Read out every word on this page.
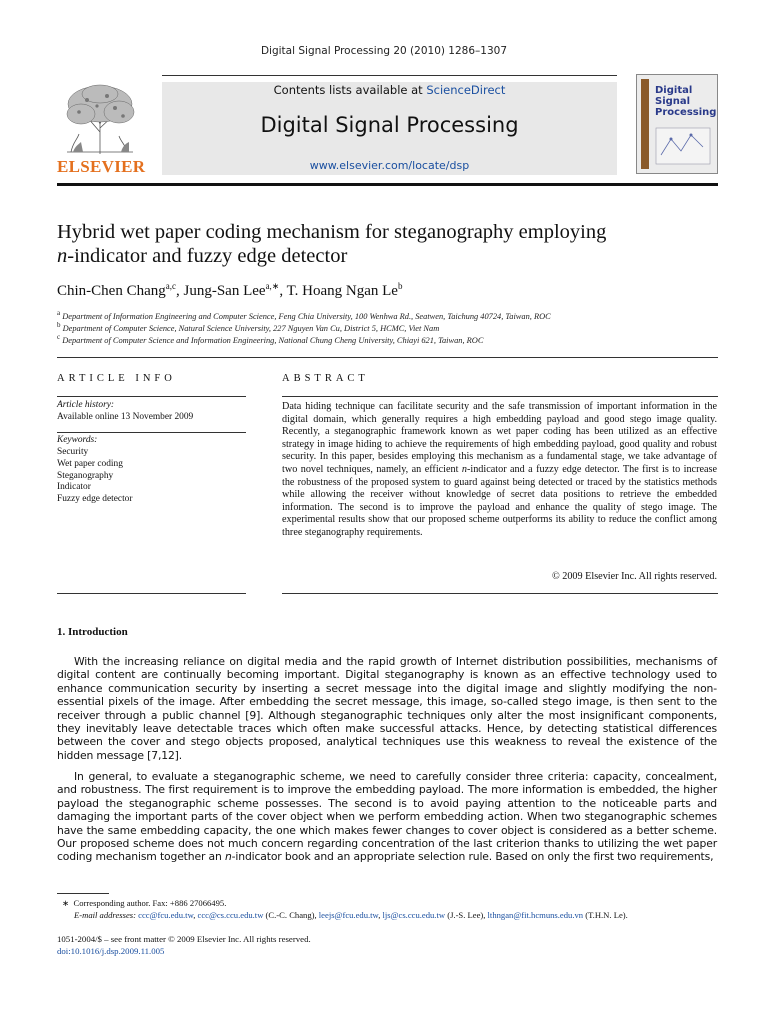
Digital Signal Processing 20 (2010) 1286–1307
ELSEVIER
Contents lists available at ScienceDirect
Digital Signal Processing
www.elsevier.com/locate/dsp
Digital
Signal
Processing
Hybrid wet paper coding mechanism for steganography employing
n-indicator and fuzzy edge detector
Chin-Chen Chang$^{a,c}$, Jung-San Lee$^{a,∗}$, T. Hoang Ngan Le$^b$
$^a$ Department of Information Engineering and Computer Science, Feng Chia University, 100 Wenhwa Rd., Seatwen, Taichung 40724, Taiwan, ROC
$^b$ Department of Computer Science, Natural Science University, 227 Nguyen Van Cu, District 5, HCMC, Viet Nam
$^c$ Department of Computer Science and Information Engineering, National Chung Cheng University, Chiayi 621, Taiwan, ROC
ARTICLE INFO
Article history:
Available online 13 November 2009
Keywords:
Security
Wet paper coding
Steganography
Indicator
Fuzzy edge detector
ABSTRACT
Data hiding technique can facilitate security and the safe transmission of important information in the digital domain, which generally requires a high embedding payload and good stego image quality. Recently, a steganographic framework known as wet paper coding has been utilized as an effective strategy in image hiding to achieve the requirements of high embedding payload, good quality and robust security. In this paper, besides employing this mechanism as a fundamental stage, we take advantage of two novel techniques, namely, an efficient n-indicator and a fuzzy edge detector. The first is to increase the robustness of the proposed system to guard against being detected or traced by the statistics methods while allowing the receiver without knowledge of secret data positions to retrieve the embedded information. The second is to improve the payload and enhance the quality of stego image. The experimental results show that our proposed scheme outperforms its ability to reduce the conflict among three steganography requirements.
© 2009 Elsevier Inc. All rights reserved.
1. Introduction
With the increasing reliance on digital media and the rapid growth of Internet distribution possibilities, mechanisms of digital content are continually becoming important. Digital steganography is known as an effective technology used to enhance communication security by inserting a secret message into the digital image and slightly modifying the non-essential pixels of the image. After embedding the secret message, this image, so-called stego image, is then sent to the receiver through a public channel [9]. Although steganographic techniques only alter the most insignificant components, they inevitably leave detectable traces which often make successful attacks. Hence, by detecting statistical differences between the cover and stego objects proposed, analytical techniques use this weakness to reveal the existence of the hidden message [7,12].
In general, to evaluate a steganographic scheme, we need to carefully consider three criteria: capacity, concealment, and robustness. The first requirement is to improve the embedding payload. The more information is embedded, the higher payload the steganographic scheme possesses. The second is to avoid paying attention to the noticeable parts and damaging the important parts of the cover object when we perform embedding action. When two steganographic schemes have the same embedding capacity, the one which makes fewer changes to cover object is considered as a better scheme. Our proposed scheme does not much concern regarding concentration of the last criterion thanks to utilizing the wet paper coding mechanism together an n-indicator book and an appropriate selection rule. Based on only the first two requirements,
∗ Corresponding author. Fax: +886 27066495.
E-mail addresses: ccc@fcu.edu.tw, ccc@cs.ccu.edu.tw (C.-C. Chang), leejs@fcu.edu.tw, ljs@cs.ccu.edu.tw (J.-S. Lee), lthngan@fit.hcmuns.edu.vn (T.H.N. Le).
1051-2004/$ – see front matter © 2009 Elsevier Inc. All rights reserved.
doi:10.1016/j.dsp.2009.11.005
